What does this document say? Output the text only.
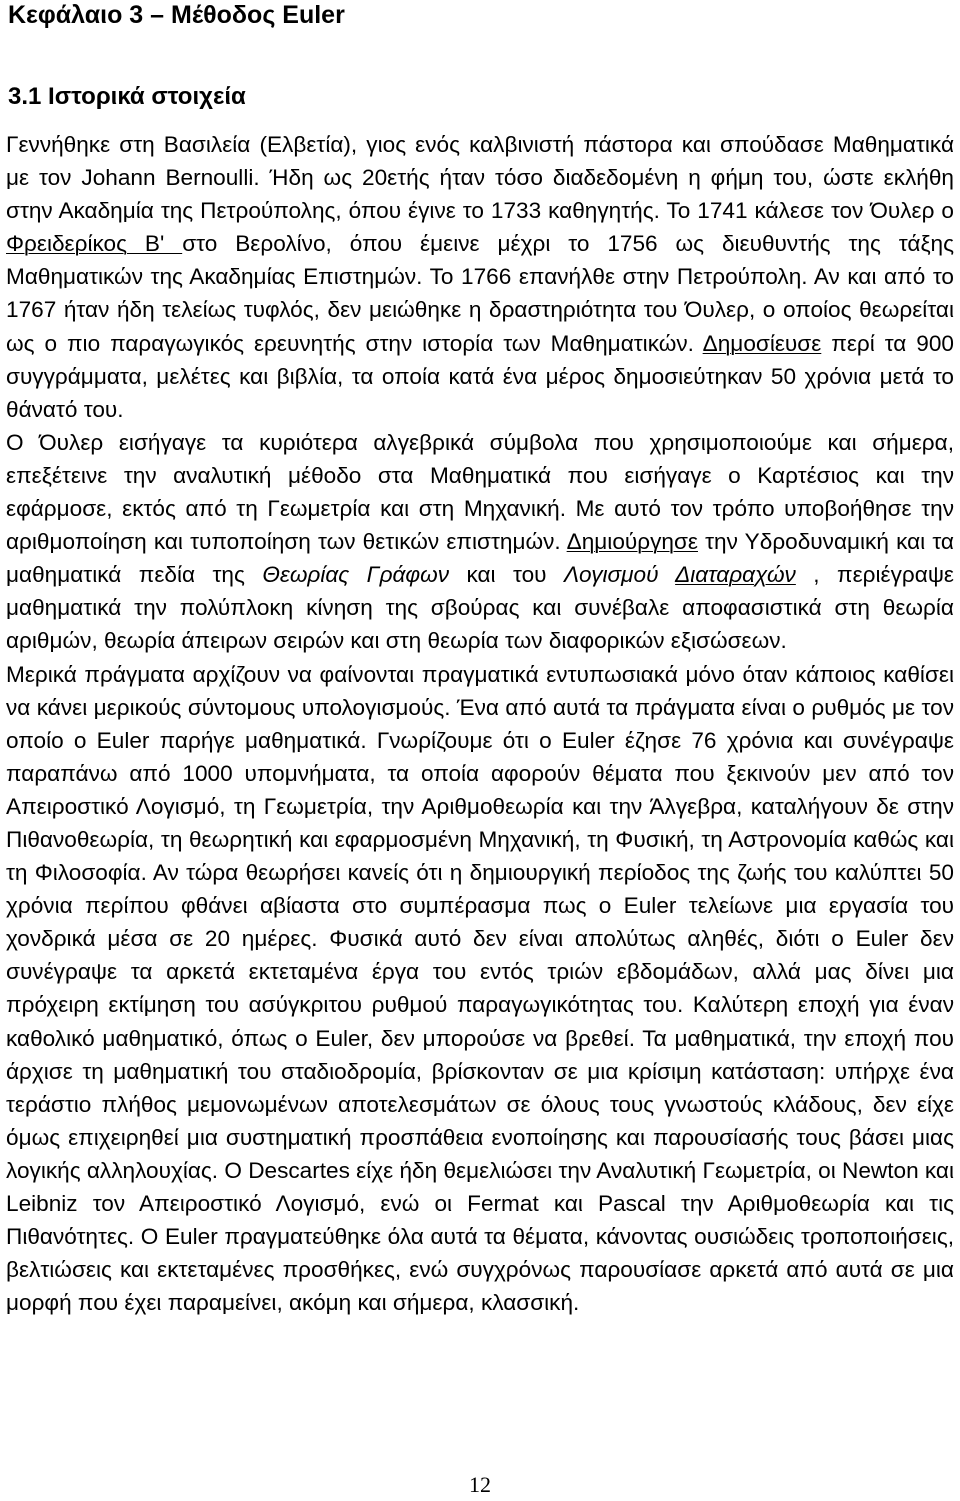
Κεφάλαιο 3 – Μέθοδος Euler
3.1 Ιστορικά στοιχεία

Γεννήθηκε στη Βασιλεία (Ελβετία), γιος ενός καλβινιστή πάστορα και σπούδασε Μαθηματικά με τον Johann Bernoulli. Ήδη ως 20ετής ήταν τόσο διαδεδομένη η φήμη του, ώστε εκλήθη στην Ακαδημία της Πετρούπολης, όπου έγινε το 1733 καθηγητής. Το 1741 κάλεσε τον Όυλερ ο Φρειδερίκος Β' στο Βερολίνο, όπου έμεινε μέχρι το 1756 ως διευθυντής της τάξης Μαθηματικών της Ακαδημίας Επιστημών. Το 1766 επανήλθε στην Πετρούπολη. Αν και από το 1767 ήταν ήδη τελείως τυφλός, δεν μειώθηκε η δραστηριότητα του Όυλερ, ο οποίος θεωρείται ως ο πιο παραγωγικός ερευνητής στην ιστορία των Μαθηματικών. Δημοσίευσε περί τα 900 συγγράμματα, μελέτες και βιβλία, τα οποία κατά ένα μέρος δημοσιεύτηκαν 50 χρόνια μετά το θάνατό του.

Ο Όυλερ εισήγαγε τα κυριότερα αλγεβρικά σύμβολα που χρησιμοποιούμε και σήμερα, επεξέτεινε την αναλυτική μέθοδο στα Μαθηματικά που εισήγαγε ο Καρτέσιος και την εφάρμοσε, εκτός από τη Γεωμετρία και στη Μηχανική. Με αυτό τον τρόπο υποβοήθησε την αριθμοποίηση και τυποποίηση των θετικών επιστημών. Δημιούργησε την Υδροδυναμική και τα μαθηματικά πεδία της Θεωρίας Γράφων και του Λογισμού Διαταραχών , περιέγραψε μαθηματικά την πολύπλοκη κίνηση της σβούρας και συνέβαλε αποφασιστικά στη θεωρία αριθμών, θεωρία άπειρων σειρών και στη θεωρία των διαφορικών εξισώσεων.

Μερικά πράγματα αρχίζουν να φαίνονται πραγματικά εντυπωσιακά μόνο όταν κάποιος καθίσει να κάνει μερικούς σύντομους υπολογισμούς. Ένα από αυτά τα πράγματα είναι ο ρυθμός με τον οποίο ο Euler παρήγε μαθηματικά. Γνωρίζουμε ότι ο Euler έζησε 76 χρόνια και συνέγραψε παραπάνω από 1000 υπομνήματα, τα οποία αφορούν θέματα που ξεκινούν μεν από τον Απειροστικό Λογισμό, τη Γεωμετρία, την Αριθμοθεωρία και την Άλγεβρα, καταλήγουν δε στην Πιθανοθεωρία, τη θεωρητική και εφαρμοσμένη Μηχανική, τη Φυσική, τη Αστρονομία καθώς και τη Φιλοσοφία. Αν τώρα θεωρήσει κανείς ότι η δημιουργική περίοδος της ζωής του καλύπτει 50 χρόνια περίπου φθάνει αβίαστα στο συμπέρασμα πως ο Euler τελείωνε μια εργασία του χονδρικά μέσα σε 20 ημέρες. Φυσικά αυτό δεν είναι απολύτως αληθές, διότι ο Euler δεν συνέγραψε τα αρκετά εκτεταμένα έργα του εντός τριών εβδομάδων, αλλά μας δίνει μια πρόχειρη εκτίμηση του ασύγκριτου ρυθμού παραγωγικότητας του. Καλύτερη εποχή για έναν καθολικό μαθηματικό, όπως ο Euler, δεν μπορούσε να βρεθεί. Τα μαθηματικά, την εποχή που άρχισε τη μαθηματική του σταδιοδρομία, βρίσκονταν σε μια κρίσιμη κατάσταση: υπήρχε ένα τεράστιο πλήθος μεμονωμένων αποτελεσμάτων σε όλους τους γνωστούς κλάδους, δεν είχε όμως επιχειρηθεί μια συστηματική προσπάθεια ενοποίησης και παρουσίασής τους βάσει μιας λογικής αλληλουχίας. Ο Descartes είχε ήδη θεμελιώσει την Αναλυτική Γεωμετρία, οι Newton και Leibniz τον Απειροστικό Λογισμό, ενώ οι Fermat και Pascal την Αριθμοθεωρία και τις Πιθανότητες. Ο Euler πραγματεύθηκε όλα αυτά τα θέματα, κάνοντας ουσιώδεις τροποποιήσεις, βελτιώσεις και εκτεταμένες προσθήκες, ενώ συγχρόνως παρουσίασε αρκετά από αυτά σε μια μορφή που έχει παραμείνει, ακόμη και σήμερα, κλασσική.

12
